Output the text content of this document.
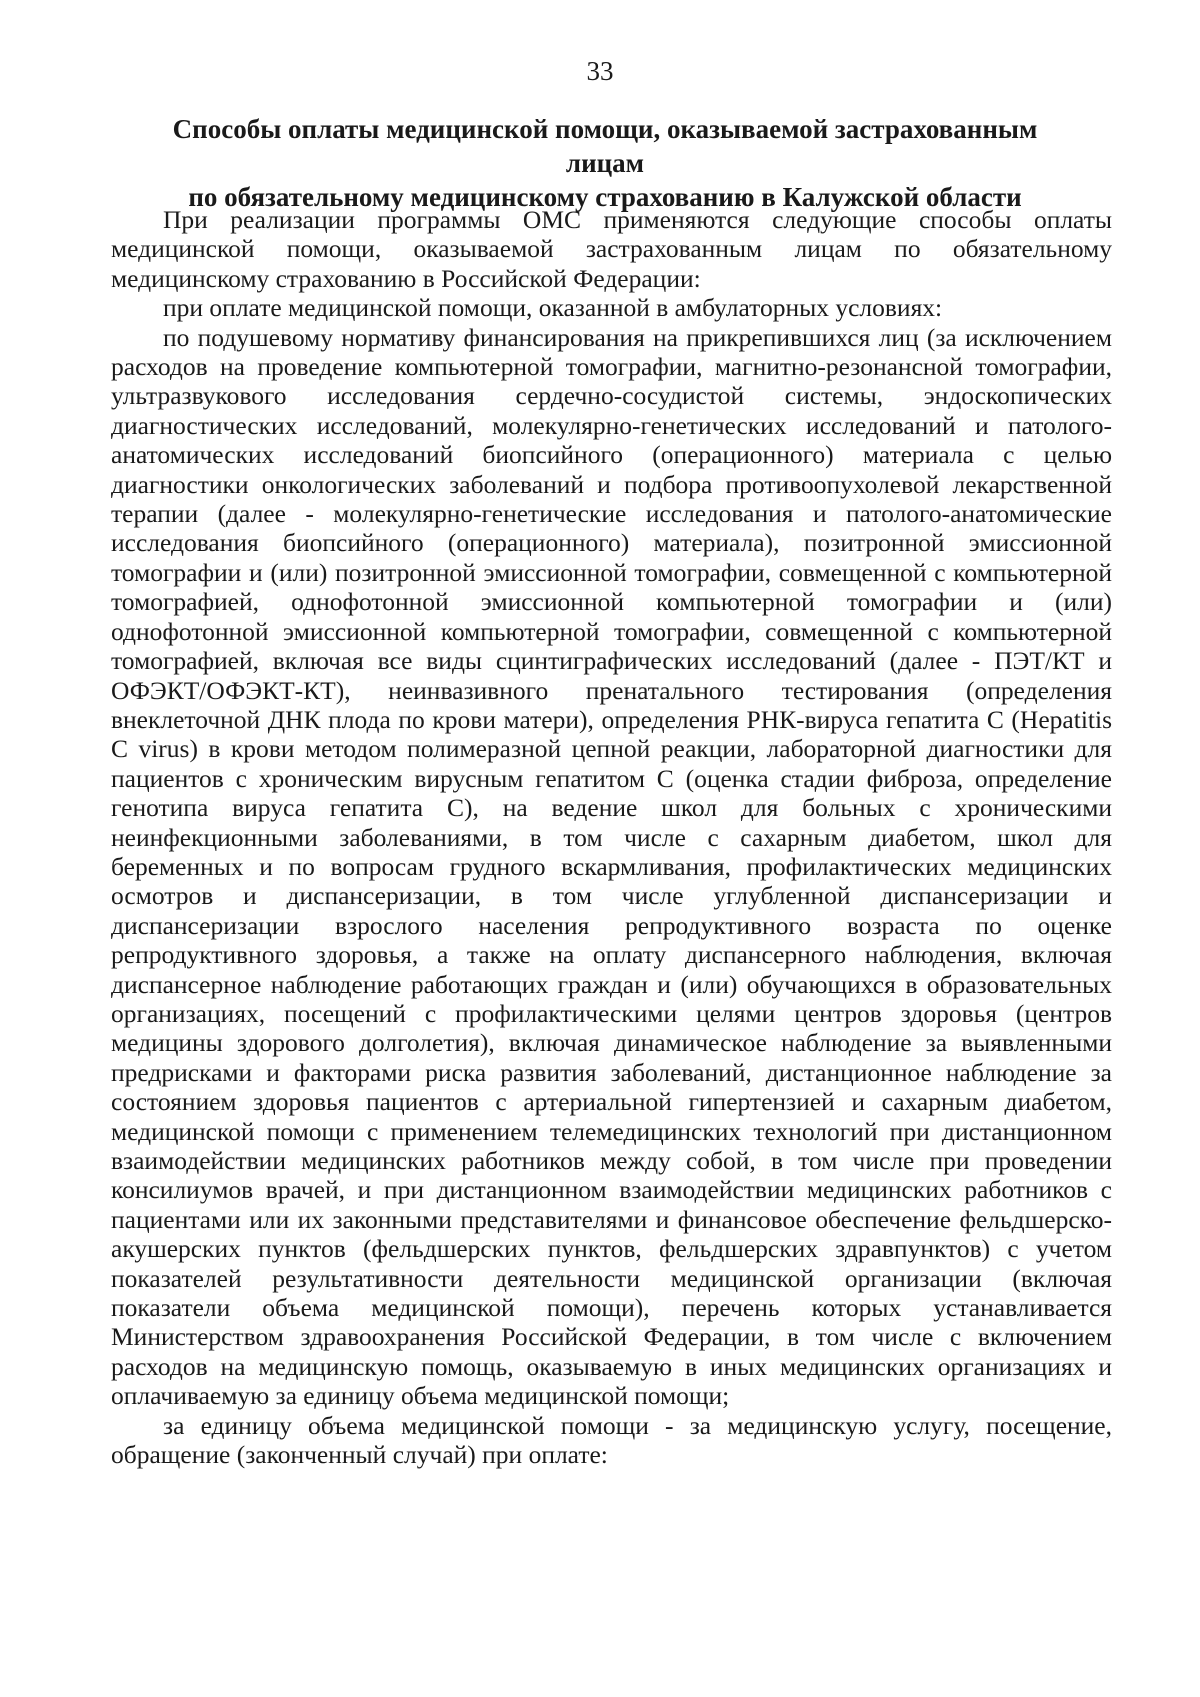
33
Способы оплаты медицинской помощи, оказываемой застрахованным лицам
по обязательному медицинскому страхованию в Калужской области

При реализации программы ОМС применяются следующие способы оплаты медицинской помощи, оказываемой застрахованным лицам по обязательному медицинскому страхованию в Российской Федерации:

при оплате медицинской помощи, оказанной в амбулаторных условиях:

по подушевому нормативу финансирования на прикрепившихся лиц (за исключением расходов на проведение компьютерной томографии, магнитно-резонансной томографии, ультразвукового исследования сердечно-сосудистой системы, эндоскопических диагностических исследований, молекулярно-генетических исследований и патолого-анатомических исследований биопсийного (операционного) материала с целью диагностики онкологических заболеваний и подбора противоопухолевой лекарственной терапии (далее - молекулярно-генетические исследования и патолого-анатомические исследования биопсийного (операционного) материала), позитронной эмиссионной томографии и (или) позитронной эмиссионной томографии, совмещенной с компьютерной томографией, однофотонной эмиссионной компьютерной томографии и (или) однофотонной эмиссионной компьютерной томографии, совмещенной с компьютерной томографией, включая все виды сцинтиграфических исследований (далее - ПЭТ/КТ и ОФЭКТ/ОФЭКТ-КТ), неинвазивного пренатального тестирования (определения внеклеточной ДНК плода по крови матери), определения РНК-вируса гепатита С (Hepatitis C virus) в крови методом полимеразной цепной реакции, лабораторной диагностики для пациентов с хроническим вирусным гепатитом С (оценка стадии фиброза, определение генотипа вируса гепатита С), на ведение школ для больных с хроническими неинфекционными заболеваниями, в том числе с сахарным диабетом, школ для беременных и по вопросам грудного вскармливания, профилактических медицинских осмотров и диспансеризации, в том числе углубленной диспансеризации и диспансеризации взрослого населения репродуктивного возраста по оценке репродуктивного здоровья, а также на оплату диспансерного наблюдения, включая диспансерное наблюдение работающих граждан и (или) обучающихся в образовательных организациях, посещений с профилактическими целями центров здоровья (центров медицины здорового долголетия), включая динамическое наблюдение за выявленными предрисками и факторами риска развития заболеваний, дистанционное наблюдение за состоянием здоровья пациентов с артериальной гипертензией и сахарным диабетом, медицинской помощи с применением телемедицинских технологий при дистанционном взаимодействии медицинских работников между собой, в том числе при проведении консилиумов врачей, и при дистанционном взаимодействии медицинских работников с пациентами или их законными представителями и финансовое обеспечение фельдшерско-акушерских пунктов (фельдшерских пунктов, фельдшерских здравпунктов) с учетом показателей результативности деятельности медицинской организации (включая показатели объема медицинской помощи), перечень которых устанавливается Министерством здравоохранения Российской Федерации, в том числе с включением расходов на медицинскую помощь, оказываемую в иных медицинских организациях и оплачиваемую за единицу объема медицинской помощи;

за единицу объема медицинской помощи - за медицинскую услугу, посещение, обращение (законченный случай) при оплате:
